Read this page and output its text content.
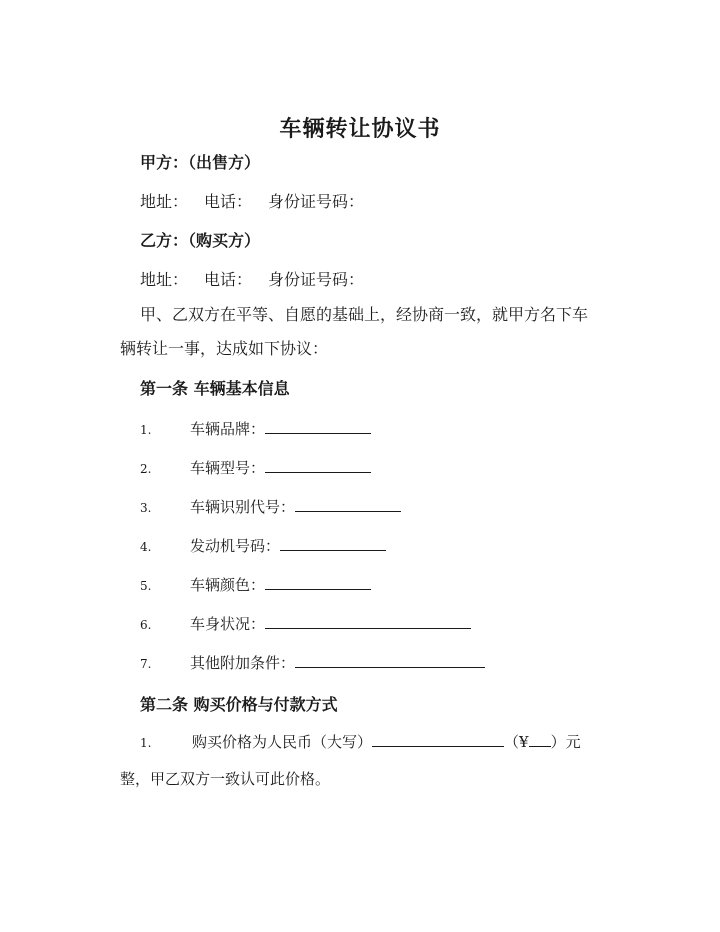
车辆转让协议书
甲方：（出售方）
地址： 电话： 身份证号码：
乙方：（购买方）
地址： 电话： 身份证号码：
甲、乙双方在平等、自愿的基础上，经协商一致，就甲方名下车
辆转让一事，达成如下协议：
第一条 车辆基本信息
1.	车辆品牌：
2.	车辆型号：
3.	车辆识别代号：
4.	发动机号码：
5.	车辆颜色：
6.	车身状况：
7.	其他附加条件：
第二条 购买价格与付款方式
1.	购买价格为人民币（大写）	（¥ ）元
整，甲乙双方一致认可此价格。
